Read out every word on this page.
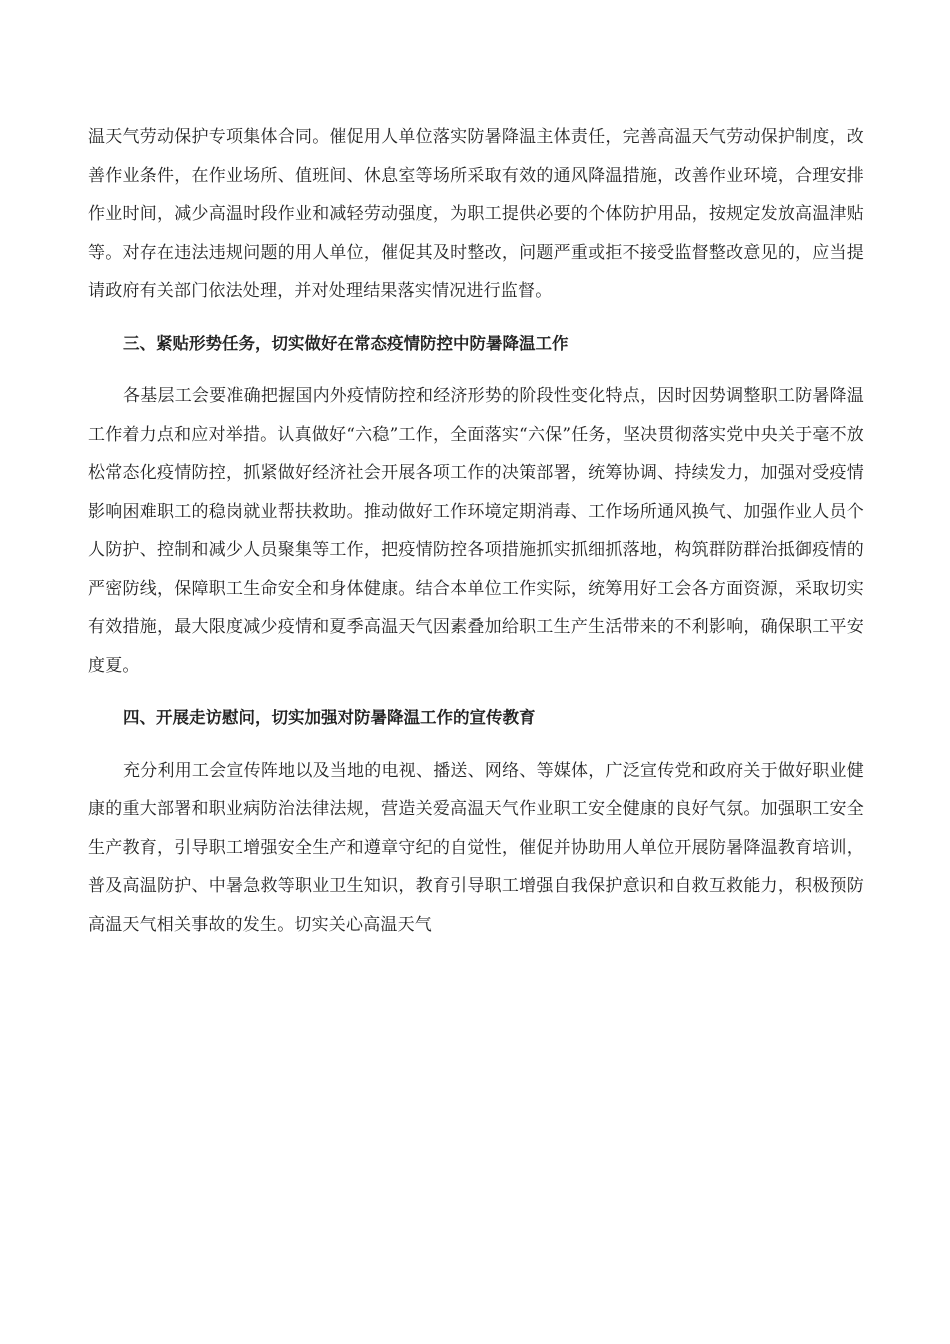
温天气劳动保护专项集体合同。催促用人单位落实防暑降温主体责任，完善高温天气劳动保护制度，改善作业条件，在作业场所、值班间、休息室等场所采取有效的通风降温措施，改善作业环境，合理安排作业时间，减少高温时段作业和减轻劳动强度，为职工提供必要的个体防护用品，按规定发放高温津贴等。对存在违法违规问题的用人单位，催促其及时整改，问题严重或拒不接受监督整改意见的，应当提请政府有关部门依法处理，并对处理结果落实情况进行监督。

三、紧贴形势任务，切实做好在常态疫情防控中防暑降温工作

各基层工会要准确把握国内外疫情防控和经济形势的阶段性变化特点，因时因势调整职工防暑降温工作着力点和应对举措。认真做好“六稳”工作，全面落实“六保”任务，坚决贯彻落实党中央关于毫不放松常态化疫情防控，抓紧做好经济社会开展各项工作的决策部署，统筹协调、持续发力，加强对受疫情影响困难职工的稳岗就业帮扶救助。推动做好工作环境定期消毒、工作场所通风换气、加强作业人员个人防护、控制和减少人员聚集等工作，把疫情防控各项措施抓实抓细抓落地，构筑群防群治抵御疫情的严密防线，保障职工生命安全和身体健康。结合本单位工作实际，统筹用好工会各方面资源，采取切实有效措施，最大限度减少疫情和夏季高温天气因素叠加给职工生产生活带来的不利影响，确保职工平安度夏。

四、开展走访慰问，切实加强对防暑降温工作的宣传教育

充分利用工会宣传阵地以及当地的电视、播送、网络、等媒体，广泛宣传党和政府关于做好职业健康的重大部署和职业病防治法律法规，营造关爱高温天气作业职工安全健康的良好气氛。加强职工安全生产教育，引导职工增强安全生产和遵章守纪的自觉性，催促并协助用人单位开展防暑降温教育培训，普及高温防护、中暑急救等职业卫生知识，教育引导职工增强自我保护意识和自救互救能力，积极预防高温天气相关事故的发生。切实关心高温天气
